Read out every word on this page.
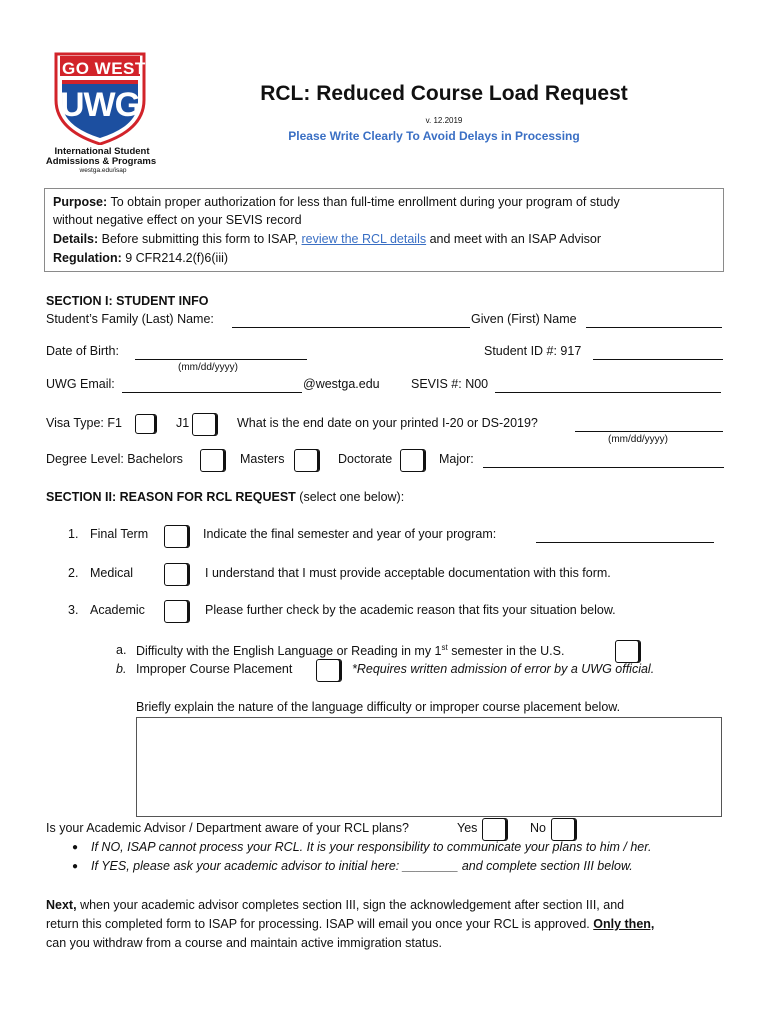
GO WEST
UWG
International Student
Admissions & Programs
westga.edu/isap
RCL: Reduced Course Load Request
v. 12.2019
Please Write Clearly To Avoid Delays in Processing
Purpose: To obtain proper authorization for less than full-time enrollment during your program of study
without negative effect on your SEVIS record
Details: Before submitting this form to ISAP, review the RCL details and meet with an ISAP Advisor
Regulation: 9 CFR214.2(f)6(iii)
SECTION I: STUDENT INFO
Student’s Family (Last) Name:	Given (First) Name
Date of Birth:
(mm/dd/yyyy)
Student ID #: 917
UWG Email:	@westga.edu	SEVIS #: N00
Visa Type: F1	J1	What is the end date on your printed I-20 or DS-2019?
(mm/dd/yyyy)
Degree Level: Bachelors	Masters	Doctorate	Major:
SECTION II: REASON FOR RCL REQUEST (select one below):
1. Final Term	Indicate the final semester and year of your program:
2. Medical	I understand that I must provide acceptable documentation with this form.
3. Academic	Please further check by the academic reason that fits your situation below.
a. Difficulty with the English Language or Reading in my 1st semester in the U.S.
b. Improper Course Placement	*Requires written admission of error by a UWG official.
Briefly explain the nature of the language difficulty or improper course placement below.
Is your Academic Advisor / Department aware of your RCL plans?	Yes	No
● If NO, ISAP cannot process your RCL. It is your responsibility to communicate your plans to him / her.
● If YES, please ask your academic advisor to initial here: ________ and complete section III below.
Next, when your academic advisor completes section III, sign the acknowledgement after section III, and
return this completed form to ISAP for processing. ISAP will email you once your RCL is approved. Only then,
can you withdraw from a course and maintain active immigration status.
